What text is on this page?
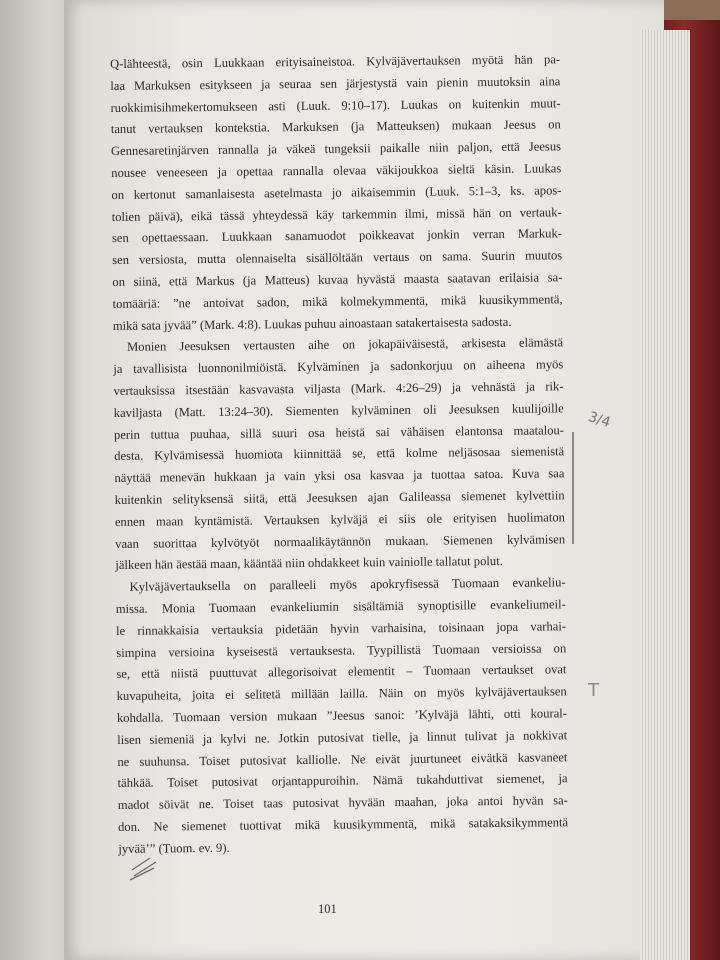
Q-lähteestä, osin Luukkaan erityisaineistoa. Kylväjävertauksen myötä hän pa-
laa Markuksen esitykseen ja seuraa sen järjestystä vain pienin muutoksin aina
ruokkimisihmekertomukseen asti (Luuk. 9:10–17). Luukas on kuitenkin muut-
tanut vertauksen kontekstia. Markuksen (ja Matteuksen) mukaan Jeesus on
Gennesaretinjärven rannalla ja väkeä tungeksii paikalle niin paljon, että Jeesus
nousee veneeseen ja opettaa rannalla olevaa väkijoukkoa sieltä käsin. Luukas
on kertonut samanlaisesta asetelmasta jo aikaisemmin (Luuk. 5:1–3, ks. apos-
tolien päivä), eikä tässä yhteydessä käy tarkemmin ilmi, missä hän on vertauk-
sen opettaessaan. Luukkaan sanamuodot poikkeavat jonkin verran Markuk-
sen versiosta, mutta olennaiselta sisällöltään vertaus on sama. Suurin muutos
on siinä, että Markus (ja Matteus) kuvaa hyvästä maasta saatavan erilaisia sa-
tomääriä: ”ne antoivat sadon, mikä kolmekymmentä, mikä kuusikymmentä,
mikä sata jyvää” (Mark. 4:8). Luukas puhuu ainoastaan satakertaisesta sadosta.
Monien Jeesuksen vertausten aihe on jokapäiväisestä, arkisesta elämästä
ja tavallisista luonnonilmiöistä. Kylväminen ja sadonkorjuu on aiheena myös
vertauksissa itsestään kasvavasta viljasta (Mark. 4:26–29) ja vehnästä ja rik-
kaviljasta (Matt. 13:24–30). Siementen kylväminen oli Jeesuksen kuulijoille
perin tuttua puuhaa, sillä suuri osa heistä sai vähäisen elantonsa maatalou-
desta. Kylvämisessä huomiota kiinnittää se, että kolme neljäsosaa siemenistä
näyttää menevän hukkaan ja vain yksi osa kasvaa ja tuottaa satoa. Kuva saa
kuitenkin selityksensä siitä, että Jeesuksen ajan Galileassa siemenet kylvettiin
ennen maan kyntämistä. Vertauksen kylväjä ei siis ole erityisen huolimaton
vaan suorittaa kylvötyöt normaalikäytännön mukaan. Siemenen kylvämisen
jälkeen hän äestää maan, kääntää niin ohdakkeet kuin vainiolle tallatut polut.
Kylväjävertauksella on paralleeli myös apokryfisessä Tuomaan evankeliu-
missa. Monia Tuomaan evankeliumin sisältämiä synoptisille evankeliumeil-
le rinnakkaisia vertauksia pidetään hyvin varhaisina, toisinaan jopa varhai-
simpina versioina kyseisestä vertauksesta. Tyypillistä Tuomaan versioissa on
se, että niistä puuttuvat allegorisoivat elementit – Tuomaan vertaukset ovat
kuvapuheita, joita ei selitetä millään lailla. Näin on myös kylväjävertauksen
kohdalla. Tuomaan version mukaan ”Jeesus sanoi: ’Kylväjä lähti, otti koural-
lisen siemeniä ja kylvi ne. Jotkin putosivat tielle, ja linnut tulivat ja nokkivat
ne suuhunsa. Toiset putosivat kalliolle. Ne eivät juurtuneet eivätkä kasvaneet
tähkää. Toiset putosivat orjantappuroihin. Nämä tukahduttivat siemenet, ja
madot söivät ne. Toiset taas putosivat hyvään maahan, joka antoi hyvän sa-
don. Ne siemenet tuottivat mikä kuusikymmentä, mikä satakaksikymmentä
jyvää’” (Tuom. ev. 9).
3/4
T
101
